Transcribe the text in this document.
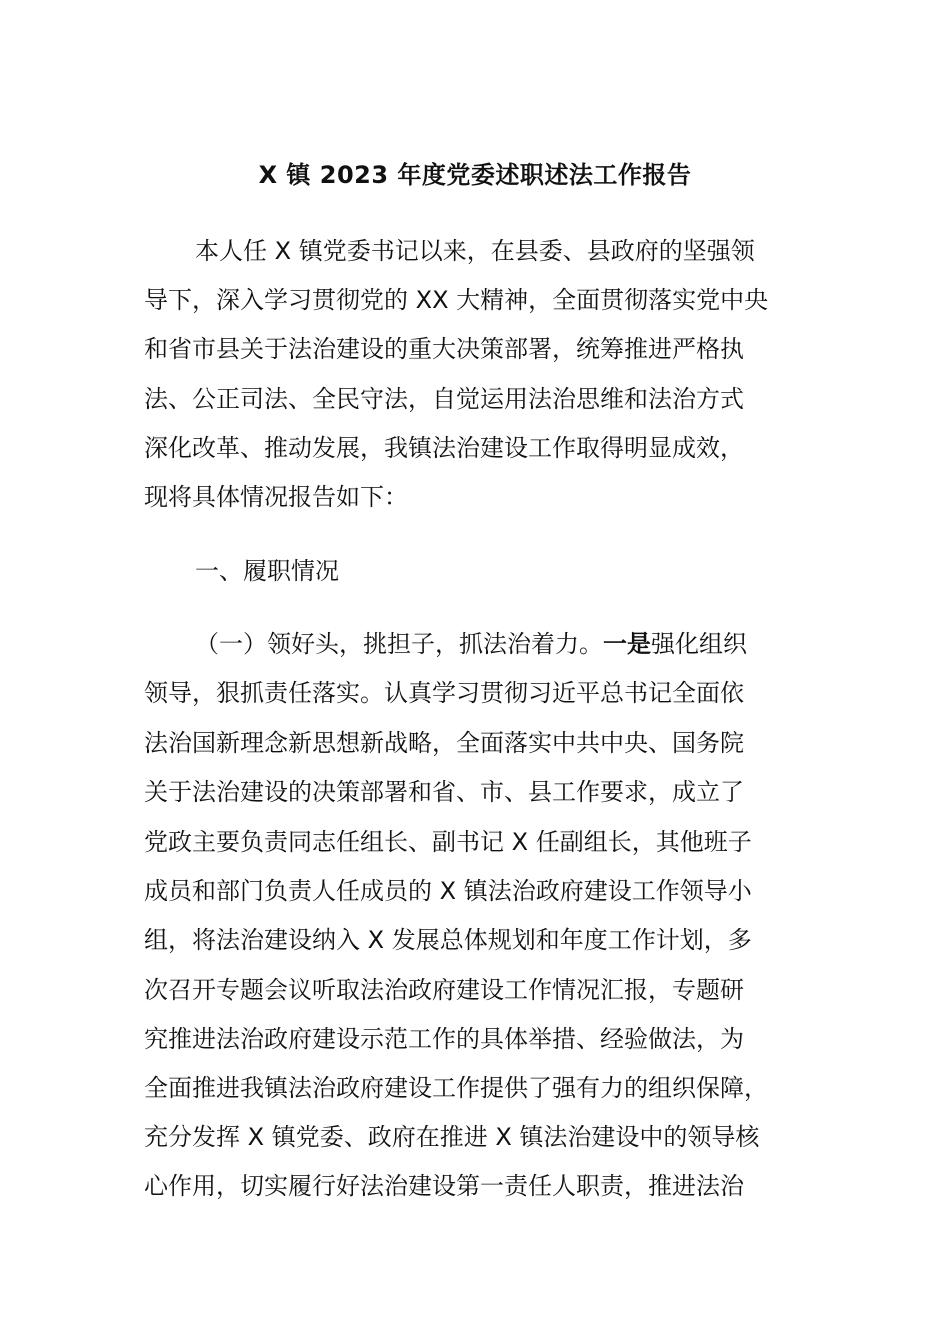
X 镇 2023 年度党委述职述法工作报告
本人任 X 镇党委书记以来，在县委、县政府的坚强领
导下，深入学习贯彻党的 XX 大精神，全面贯彻落实党中央
和省市县关于法治建设的重大决策部署，统筹推进严格执
法、公正司法、全民守法，自觉运用法治思维和法治方式
深化改革、推动发展，我镇法治建设工作取得明显成效，
现将具体情况报告如下：
一、履职情况
（一）领好头，挑担子，抓法治着力。一是强化组织
领导，狠抓责任落实。认真学习贯彻习近平总书记全面依
法治国新理念新思想新战略，全面落实中共中央、国务院
关于法治建设的决策部署和省、市、县工作要求，成立了
党政主要负责同志任组长、副书记 X 任副组长，其他班子
成员和部门负责人任成员的 X 镇法治政府建设工作领导小
组，将法治建设纳入 X 发展总体规划和年度工作计划，多
次召开专题会议听取法治政府建设工作情况汇报，专题研
究推进法治政府建设示范工作的具体举措、经验做法，为
全面推进我镇法治政府建设工作提供了强有力的组织保障，
充分发挥 X 镇党委、政府在推进 X 镇法治建设中的领导核
心作用，切实履行好法治建设第一责任人职责，推进法治
